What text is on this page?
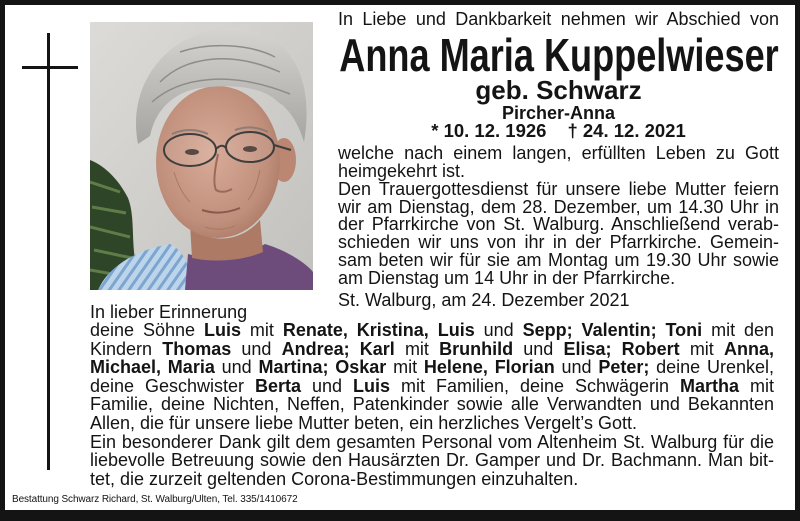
In Liebe und Dankbarkeit nehmen wir Abschied von
Anna Maria Kuppelwieser
geb. Schwarz
Pircher-Anna
* 10. 12. 1926 † 24. 12. 2021
welche nach einem langen, erfüllten Leben zu Gott
heimgekehrt ist.
Den Trauergottesdienst für unsere liebe Mutter feiern
wir am Dienstag, dem 28. Dezember, um 14.30 Uhr in
der Pfarrkirche von St. Walburg. Anschließend verab-
schieden wir uns von ihr in der Pfarrkirche. Gemein-
sam beten wir für sie am Montag um 19.30 Uhr sowie
am Dienstag um 14 Uhr in der Pfarrkirche.
St. Walburg, am 24. Dezember 2021
In lieber Erinnerung
deine Söhne Luis mit Renate, Kristina, Luis und Sepp; Valentin; Toni mit den
Kindern Thomas und Andrea; Karl mit Brunhild und Elisa; Robert mit Anna,
Michael, Maria und Martina; Oskar mit Helene, Florian und Peter; deine Urenkel,
deine Geschwister Berta und Luis mit Familien, deine Schwägerin Martha mit
Familie, deine Nichten, Neffen, Patenkinder sowie alle Verwandten und Bekannten
Allen, die für unsere liebe Mutter beten, ein herzliches Vergelt’s Gott.
Ein besonderer Dank gilt dem gesamten Personal vom Altenheim St. Walburg für die
liebevolle Betreuung sowie den Hausärzten Dr. Gamper und Dr. Bachmann. Man bit-
tet, die zurzeit geltenden Corona-Bestimmungen einzuhalten.
Bestattung Schwarz Richard, St. Walburg/Ulten, Tel. 335/1410672
